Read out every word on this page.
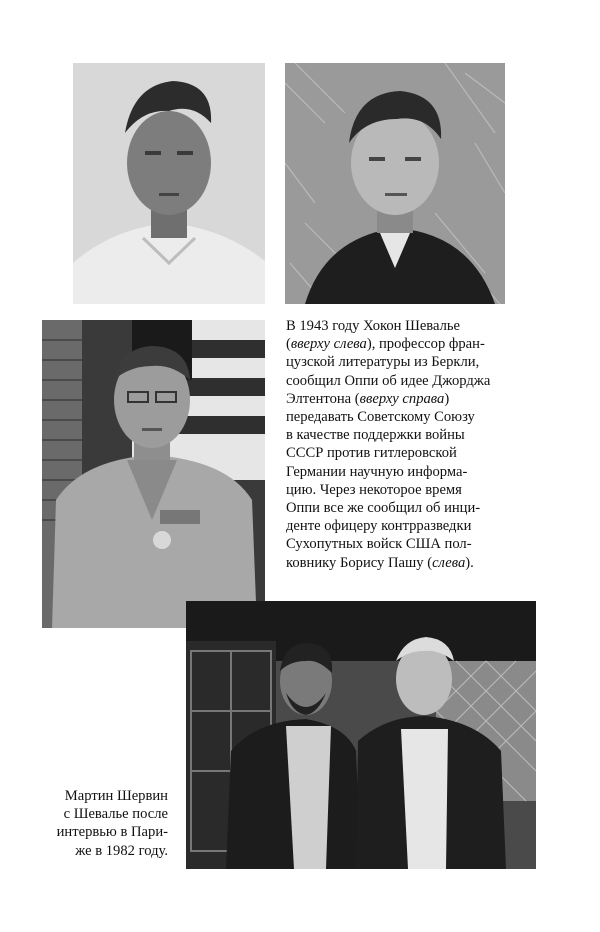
В 1943 году Хокон Шевалье
(вверху слева), профессор фран-
цузской литературы из Беркли,
сообщил Оппи об идее Джорджа
Элтентона (вверху справа)
передавать Советскому Союзу
в качестве поддержки войны
СССР против гитлеровской
Германии научную информа-
цию. Через некоторое время
Оппи все же сообщил об инци-
денте офицеру контрразведки
Сухопутных войск США пол-
ковнику Борису Пашу (слева).
Мартин Шервин
с Шевалье после
интервью в Пари-
же в 1982 году.
